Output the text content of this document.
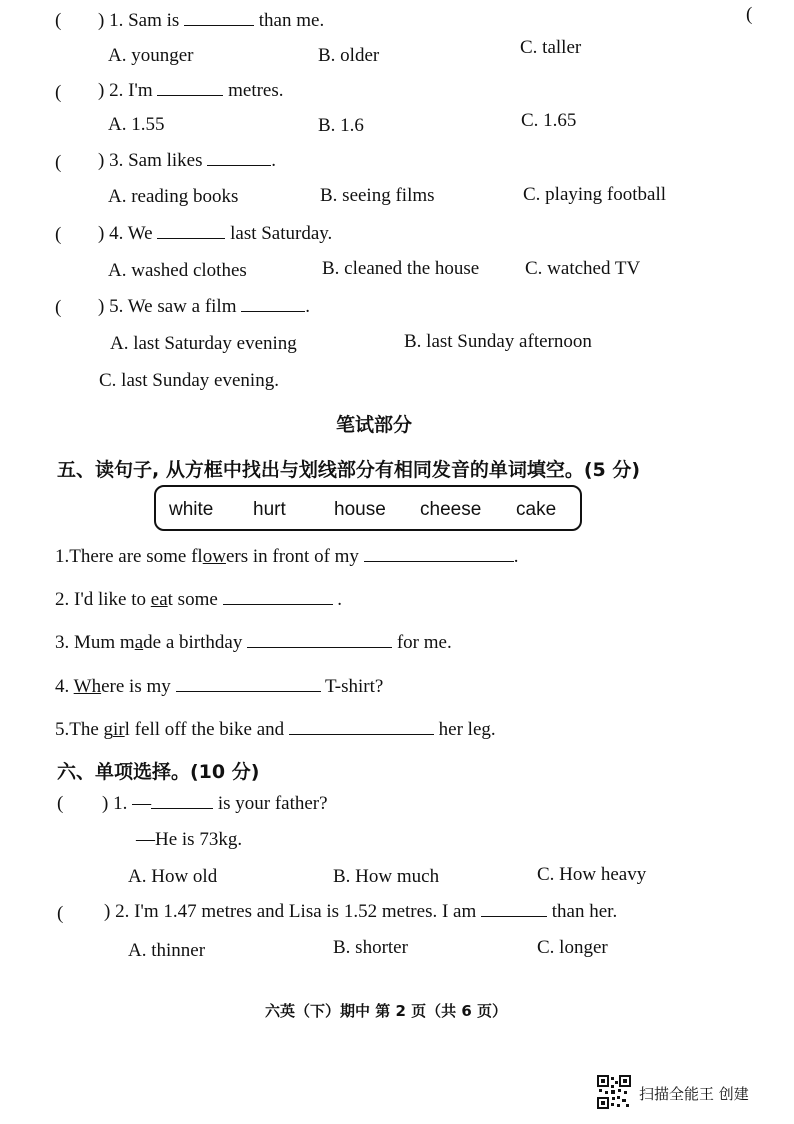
(
( ) 1. Sam is	than me.
A. younger	B. older	C. taller
( ) 2. I'm	metres.
A. 1.55	B. 1.6	C. 1.65
( ) 3. Sam likes	.
A. reading books	B. seeing films	C. playing football
( ) 4. We	last Saturday.
A. washed clothes	B. cleaned the house C. watched TV
( ) 5. We saw a film	.
A. last Saturday evening	B. last Sunday afternoon
C. last Sunday evening.
笔试部分
五、读句子, 从方框中找出与划线部分有相同发音的单词填空。(5 分)
white hurt	house cheese cake
1.There are some flowers in front of my	.
2. I'd like to eat some	.
3. Mum made a birthday	for me.
4. Where is my	T-shirt?
5.The girl fell off the bike and	her leg.
六、单项选择。(10 分)
( ) 1. —	is your father?
—He is 73kg.
A. How old	B. How much	C. How heavy
( ) 2. I'm 1.47 metres and Lisa is 1.52 metres. I am	than her.
A. thinner	B. shorter	C. longer
六英（下）期中 第 2 页（共 6 页）
扫描全能王 创建
